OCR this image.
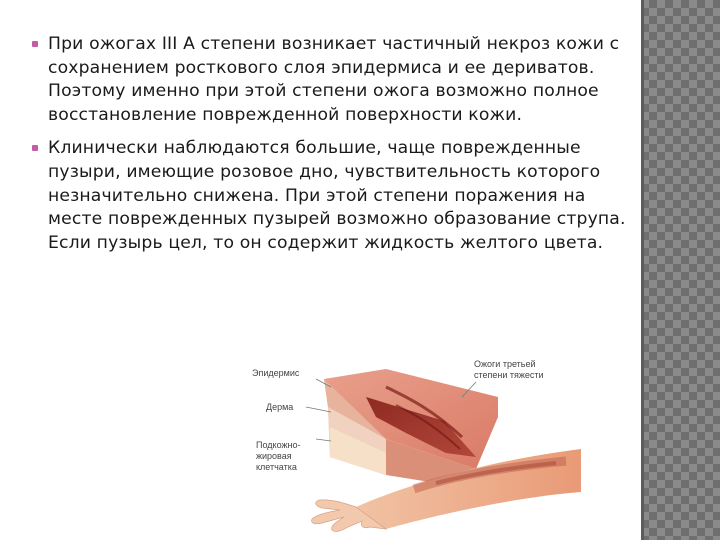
При ожогах III А степени возникает частичный некроз кожи с сохранением росткового слоя эпидермиса и ее дериватов. Поэтому именно при этой степени ожога возможно полное восстановление поврежденной поверхности кожи.
Клинически наблюдаются большие, чаще поврежденные пузыри, имеющие розовое дно, чувствительность которого незначительно снижена. При этой степени поражения на месте поврежденных пузырей возможно образование струпа. Если пузырь цел, то он содержит жидкость желтого цвета.
Эпидермис
Дерма
Подкожно-
жировая
клетчатка
Ожоги третьей
степени тяжести
